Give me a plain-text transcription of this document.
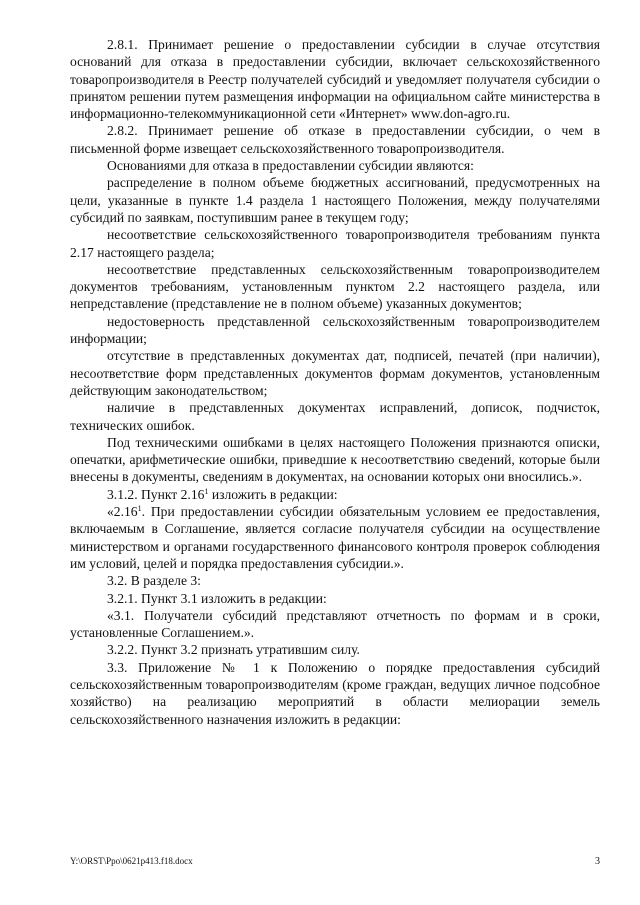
2.8.1. Принимает решение о предоставлении субсидии в случае отсутствия оснований для отказа в предоставлении субсидии, включает сельскохозяйственного товаропроизводителя в Реестр получателей субсидий и уведомляет получателя субсидии о принятом решении путем размещения информации на официальном сайте министерства в информационно-телекоммуникационной сети «Интернет» www.don-agro.ru.

2.8.2. Принимает решение об отказе в предоставлении субсидии, о чем в письменной форме извещает сельскохозяйственного товаропроизводителя.

Основаниями для отказа в предоставлении субсидии являются:

распределение в полном объеме бюджетных ассигнований, предусмотренных на цели, указанные в пункте 1.4 раздела 1 настоящего Положения, между получателями субсидий по заявкам, поступившим ранее в текущем году;

несоответствие сельскохозяйственного товаропроизводителя требованиям пункта 2.17 настоящего раздела;

несоответствие представленных сельскохозяйственным товаропроизводителем документов требованиям, установленным пунктом 2.2 настоящего раздела, или непредставление (представление не в полном объеме) указанных документов;

недостоверность представленной сельскохозяйственным товаропроизводителем информации;

отсутствие в представленных документах дат, подписей, печатей (при наличии), несоответствие форм представленных документов формам документов, установленным действующим законодательством;

наличие в представленных документах исправлений, дописок, подчисток, технических ошибок.

Под техническими ошибками в целях настоящего Положения признаются описки, опечатки, арифметические ошибки, приведшие к несоответствию сведений, которые были внесены в документы, сведениям в документах, на основании которых они вносились.».

3.1.2. Пункт 2.16$^1$ изложить в редакции:

«2.16$^1$. При предоставлении субсидии обязательным условием ее предоставления, включаемым в Соглашение, является согласие получателя субсидии на осуществление министерством и органами государственного финансового контроля проверок соблюдения им условий, целей и порядка предоставления субсидии.».

3.2. В разделе 3:

3.2.1. Пункт 3.1 изложить в редакции:

«3.1. Получатели субсидий представляют отчетность по формам и в сроки, установленные Соглашением.».

3.2.2. Пункт 3.2 признать утратившим силу.

3.3. Приложение № 1 к Положению о порядке предоставления субсидий сельскохозяйственным товаропроизводителям (кроме граждан, ведущих личное подсобное хозяйство) на реализацию мероприятий в области мелиорации земель сельскохозяйственного назначения изложить в редакции:

Y:\ORST\Ppo\0621p413.f18.docx	3
